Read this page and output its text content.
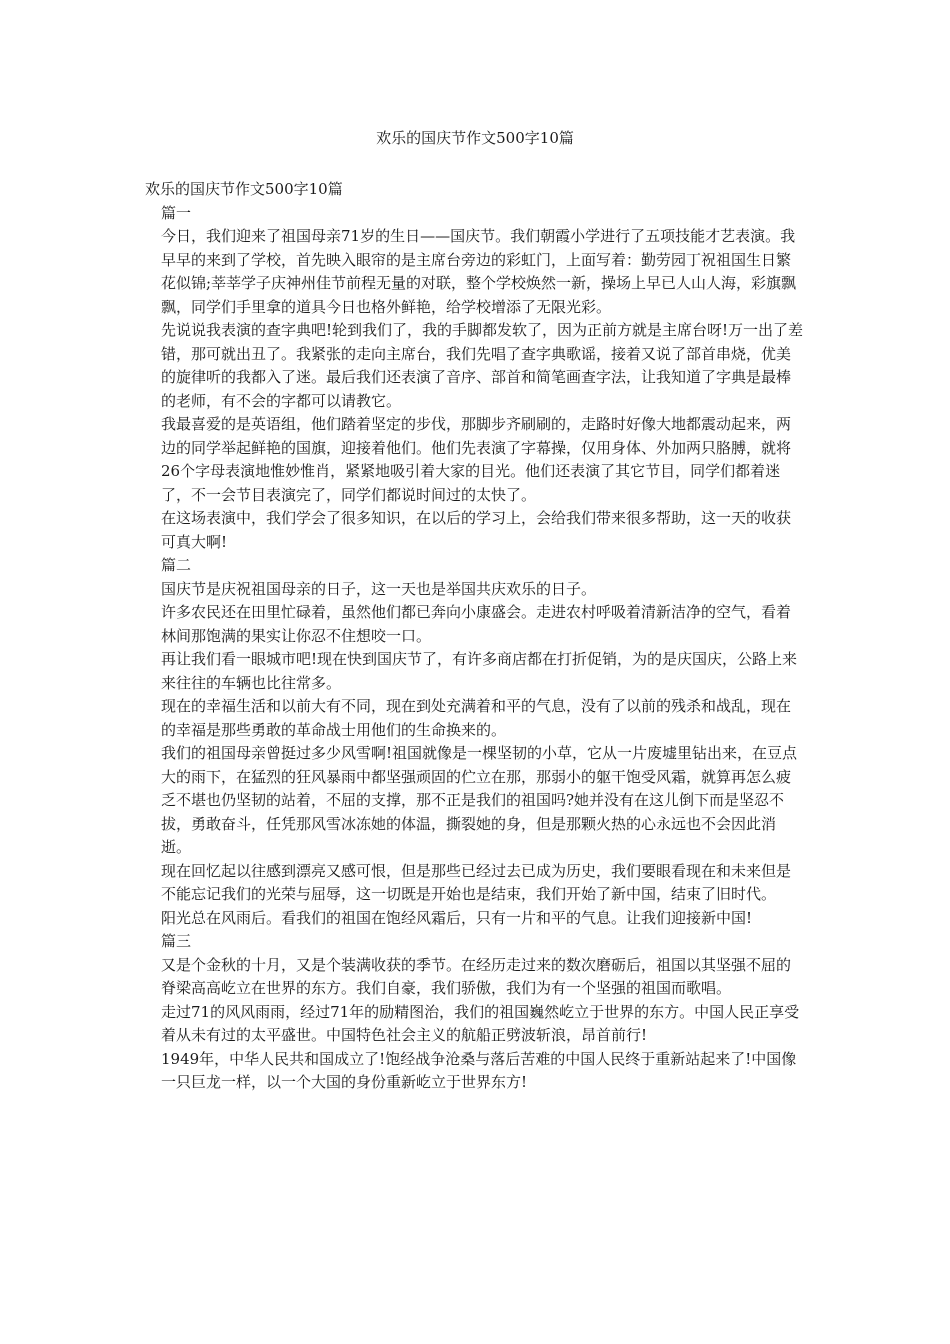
欢乐的国庆节作文500字10篇

欢乐的国庆节作文500字10篇

篇一

今日，我们迎来了祖国母亲71岁的生日——国庆节。我们朝霞小学进行了五项技能才艺表演。我早早的来到了学校，首先映入眼帘的是主席台旁边的彩虹门，上面写着：勤劳园丁祝祖国生日繁花似锦;莘莘学子庆神州佳节前程无量的对联，整个学校焕然一新，操场上早已人山人海，彩旗飘飘，同学们手里拿的道具今日也格外鲜艳，给学校增添了无限光彩。

先说说我表演的查字典吧!轮到我们了，我的手脚都发软了，因为正前方就是主席台呀!万一出了差错，那可就出丑了。我紧张的走向主席台，我们先唱了查字典歌谣，接着又说了部首串烧，优美的旋律听的我都入了迷。最后我们还表演了音序、部首和简笔画查字法，让我知道了字典是最棒的老师，有不会的字都可以请教它。

我最喜爱的是英语组，他们踏着坚定的步伐，那脚步齐刷刷的，走路时好像大地都震动起来，两边的同学举起鲜艳的国旗，迎接着他们。他们先表演了字幕操，仅用身体、外加两只胳膊，就将26个字母表演地惟妙惟肖，紧紧地吸引着大家的目光。他们还表演了其它节目，同学们都着迷了，不一会节目表演完了，同学们都说时间过的太快了。

在这场表演中，我们学会了很多知识，在以后的学习上，会给我们带来很多帮助，这一天的收获可真大啊!

篇二

国庆节是庆祝祖国母亲的日子，这一天也是举国共庆欢乐的日子。

许多农民还在田里忙碌着，虽然他们都已奔向小康盛会。走进农村呼吸着清新洁净的空气，看着林间那饱满的果实让你忍不住想咬一口。

再让我们看一眼城市吧!现在快到国庆节了，有许多商店都在打折促销，为的是庆国庆，公路上来来往往的车辆也比往常多。

现在的幸福生活和以前大有不同，现在到处充满着和平的气息，没有了以前的残杀和战乱，现在的幸福是那些勇敢的革命战士用他们的生命换来的。

我们的祖国母亲曾挺过多少风雪啊!祖国就像是一棵坚韧的小草，它从一片废墟里钻出来，在豆点大的雨下，在猛烈的狂风暴雨中都坚强顽固的伫立在那，那弱小的躯干饱受风霜，就算再怎么疲乏不堪也仍坚韧的站着，不屈的支撑，那不正是我们的祖国吗?她并没有在这儿倒下而是坚忍不拔，勇敢奋斗，任凭那风雪冰冻她的体温，撕裂她的身，但是那颗火热的心永远也不会因此消逝。

现在回忆起以往感到漂亮又感可恨，但是那些已经过去已成为历史，我们要眼看现在和未来但是不能忘记我们的光荣与屈辱，这一切既是开始也是结束，我们开始了新中国，结束了旧时代。

阳光总在风雨后。看我们的祖国在饱经风霜后，只有一片和平的气息。让我们迎接新中国!

篇三

又是个金秋的十月，又是个装满收获的季节。在经历走过来的数次磨砺后，祖国以其坚强不屈的脊梁高高屹立在世界的东方。我们自豪，我们骄傲，我们为有一个坚强的祖国而歌唱。

走过71的风风雨雨，经过71年的励精图治，我们的祖国巍然屹立于世界的东方。中国人民正享受着从未有过的太平盛世。中国特色社会主义的航船正劈波斩浪，昂首前行!

1949年，中华人民共和国成立了!饱经战争沧桑与落后苦难的中国人民终于重新站起来了!中国像一只巨龙一样，以一个大国的身份重新屹立于世界东方!
